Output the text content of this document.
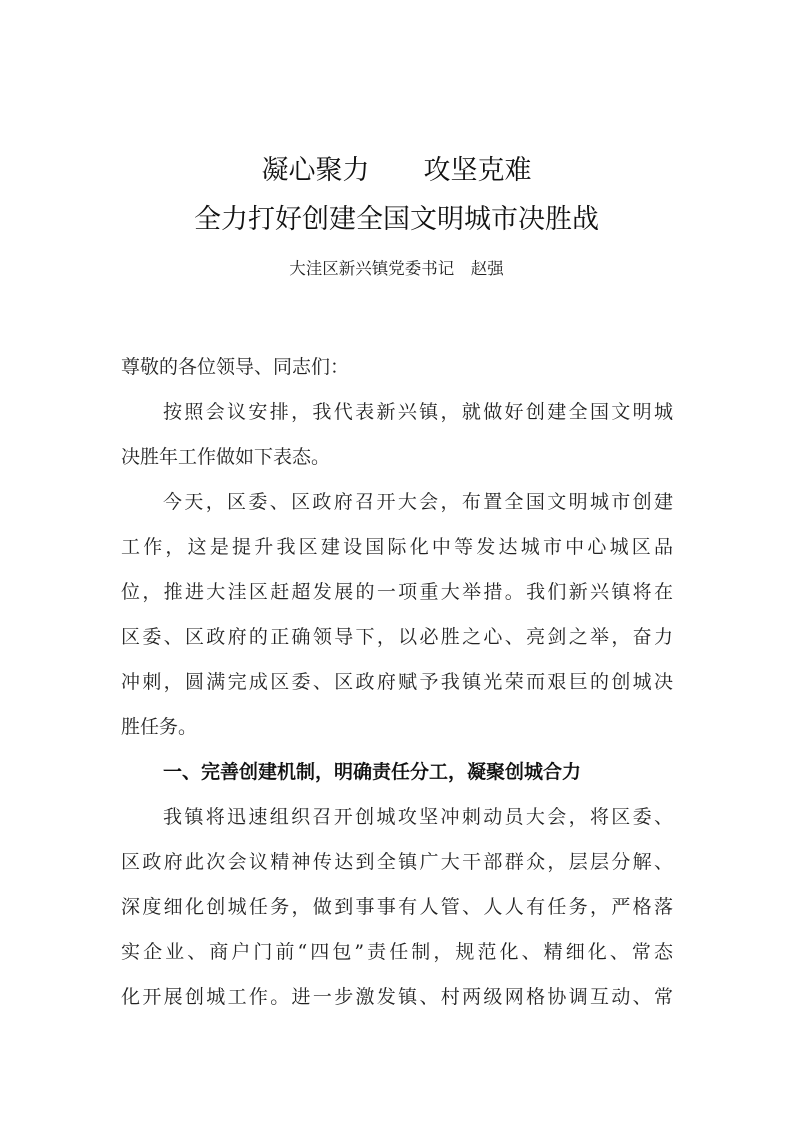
凝心聚力　　攻坚克难
全力打好创建全国文明城市决胜战
大洼区新兴镇党委书记　赵强
尊敬的各位领导、同志们：
按照会议安排，我代表新兴镇，就做好创建全国文明城
决胜年工作做如下表态。
今天，区委、区政府召开大会，布置全国文明城市创建
工作，这是提升我区建设国际化中等发达城市中心城区品
位，推进大洼区赶超发展的一项重大举措。我们新兴镇将在
区委、区政府的正确领导下，以必胜之心、亮剑之举，奋力
冲刺，圆满完成区委、区政府赋予我镇光荣而艰巨的创城决
胜任务。
一、完善创建机制，明确责任分工，凝聚创城合力
我镇将迅速组织召开创城攻坚冲刺动员大会，将区委、
区政府此次会议精神传达到全镇广大干部群众，层层分解、
深度细化创城任务，做到事事有人管、人人有任务，严格落
实企业、商户门前“四包”责任制，规范化、精细化、常态
化开展创城工作。进一步激发镇、村两级网格协调互动、常
